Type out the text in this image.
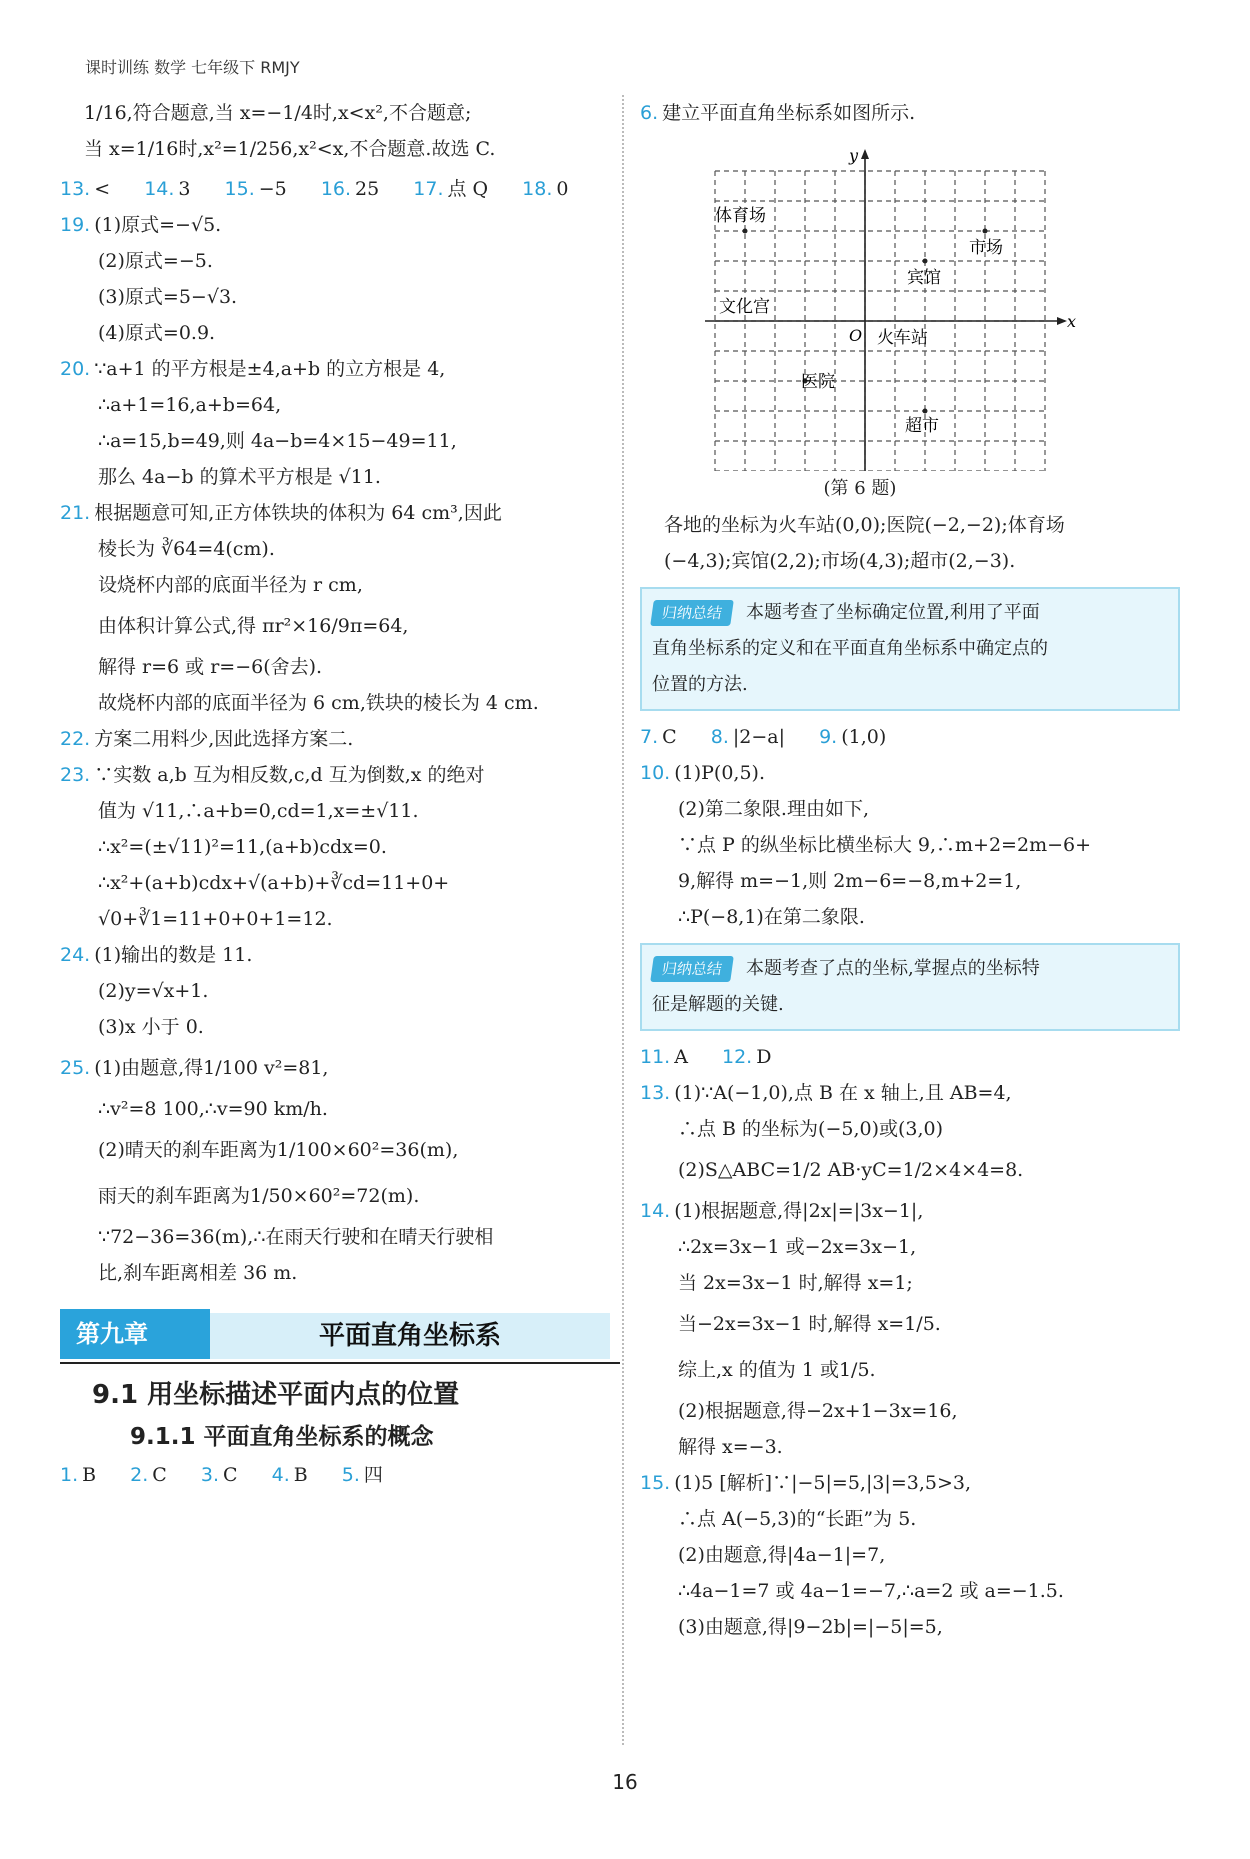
课时训练 数学 七年级下 RMJY
1/16,符合题意,当 x=−1/4时,x<x²,不合题意;
当 x=1/16时,x²=1/256,x²<x,不合题意.故选 C.
13. < 14. 3 15. −5 16. 25 17. 点 Q 18. 0
19. (1)原式=−√5.
(2)原式=−5.
(3)原式=5−√3.
(4)原式=0.9.
20. ∵a+1 的平方根是±4,a+b 的立方根是 4,
∴a+1=16,a+b=64,
∴a=15,b=49,则 4a−b=4×15−49=11,
那么 4a−b 的算术平方根是 √11.
21. 根据题意可知,正方体铁块的体积为 64 cm³,因此
棱长为 ∛64=4(cm).
设烧杯内部的底面半径为 r cm,
由体积计算公式,得 πr²×16/9π=64,
解得 r=6 或 r=−6(舍去).
故烧杯内部的底面半径为 6 cm,铁块的棱长为 4 cm.
22. 方案二用料少,因此选择方案二.
23. ∵实数 a,b 互为相反数,c,d 互为倒数,x 的绝对
值为 √11,∴a+b=0,cd=1,x=±√11.
∴x²=(±√11)²=11,(a+b)cdx=0.
∴x²+(a+b)cdx+√(a+b)+∛cd=11+0+
√0+∛1=11+0+0+1=12.
24. (1)输出的数是 11.
(2)y=√x+1.
(3)x 小于 0.
25. (1)由题意,得1/100 v²=81,
∴v²=8 100,∴v=90 km/h.
(2)晴天的刹车距离为1/100×60²=36(m),
雨天的刹车距离为1/50×60²=72(m).
∵72−36=36(m),∴在雨天行驶和在晴天行驶相
比,刹车距离相差 36 m.
第九章	平面直角坐标系
9.1 用坐标描述平面内点的位置
9.1.1 平面直角坐标系的概念
1. B 2. C 3. C 4. B 5. 四
6. 建立平面直角坐标系如图所示.
x
y
O
体育场
市场
宾馆
文化宫
火车站
医院
超市
(第 6 题)
各地的坐标为火车站(0,0);医院(−2,−2);体育场
(−4,3);宾馆(2,2);市场(4,3);超市(2,−3).
归纳总结 本题考查了坐标确定位置,利用了平面
直角坐标系的定义和在平面直角坐标系中确定点的
位置的方法.
7. C 8. |2−a| 9. (1,0)
10. (1)P(0,5).
(2)第二象限.理由如下,
∵点 P 的纵坐标比横坐标大 9,∴m+2=2m−6+
9,解得 m=−1,则 2m−6=−8,m+2=1,
∴P(−8,1)在第二象限.
归纳总结 本题考查了点的坐标,掌握点的坐标特
征是解题的关键.
11. A 12. D
13. (1)∵A(−1,0),点 B 在 x 轴上,且 AB=4,
∴点 B 的坐标为(−5,0)或(3,0)
(2)S△ABC=1/2 AB·yC=1/2×4×4=8.
14. (1)根据题意,得|2x|=|3x−1|,
∴2x=3x−1 或−2x=3x−1,
当 2x=3x−1 时,解得 x=1;
当−2x=3x−1 时,解得 x=1/5.
综上,x 的值为 1 或1/5.
(2)根据题意,得−2x+1−3x=16,
解得 x=−3.
15. (1)5 [解析]∵|−5|=5,|3|=3,5>3,
∴点 A(−5,3)的“长距”为 5.
(2)由题意,得|4a−1|=7,
∴4a−1=7 或 4a−1=−7,∴a=2 或 a=−1.5.
(3)由题意,得|9−2b|=|−5|=5,
16
